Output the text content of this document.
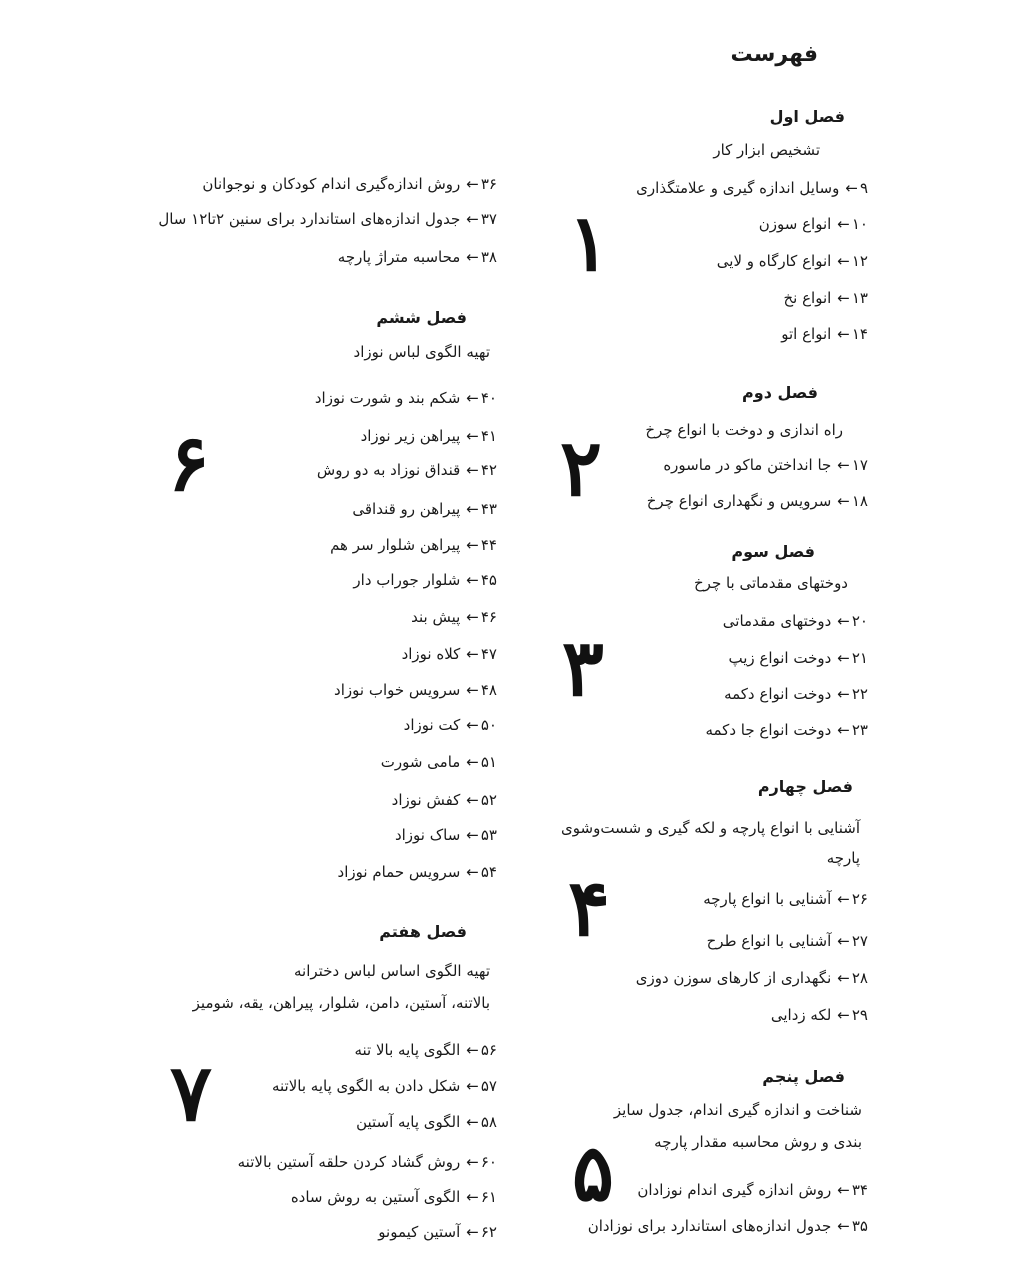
فهرست
فصل اول
تشخیص ابزار کار
۱
۹←وسایل اندازه گیری و علامتگذاری
۱۰←انواع سوزن
۱۲←انواع کارگاه و لایی
۱۳←انواع نخ
۱۴←انواع اتو
فصل دوم
راه اندازی و دوخت با انواع چرخ
۲	۱۷←جا انداختن ماکو در ماسوره
۱۸←سرویس و نگهداری انواع چرخ
فصل سوم
دوختهای مقدماتی با چرخ
۳
۲۰←دوختهای مقدماتی
۲۱←دوخت انواع زیپ
۲۲←دوخت انواع دکمه
۲۳←دوخت انواع جا دکمه
فصل چهارم
آشنایی با انواع پارچه و لکه گیری و شست‌وشوی
پارچه
۴	۲۶←آشنایی با انواع پارچه
۲۷←آشنایی با انواع طرح
۲۸←نگهداری از کارهای سوزن دوزی
۲۹←لکه زدایی
فصل پنجم
شناخت و اندازه گیری اندام، جدول سایز
بندی و روش محاسبه مقدار پارچه
۵	۳۴←روش اندازه گیری اندام نوزادان
۳۵←جدول اندازه‌های استاندارد برای نوزادان
۳۶←روش اندازه‌گیری اندام کودکان و نوجوانان
۳۷←جدول اندازه‌های استاندارد برای سنین ۲تا۱۲ سال
۳۸←محاسبه متراژ پارچه
فصل ششم
تهیه الگوی لباس نوزاد
۶
۴۰←شکم بند و شورت نوزاد
۴۱←پیراهن زیر نوزاد
۴۲←قنداق نوزاد به دو روش
۴۳←پیراهن رو قنداقی
۴۴←پیراهن شلوار سر هم
۴۵←شلوار جوراب دار
۴۶←پیش بند
۴۷←کلاه نوزاد
۴۸←سرویس خواب نوزاد
۵۰←کت نوزاد
۵۱←مامی شورت
۵۲←کفش نوزاد
۵۳←ساک نوزاد
۵۴←سرویس حمام نوزاد
فصل هفتم
تهیه الگوی اساس لباس دخترانه
بالاتنه، آستین، دامن، شلوار، پیراهن، یقه، شومیز
۷	۵۶←الگوی پایه بالا تنه
۵۷←شکل دادن به الگوی پایه بالاتنه
۵۸←الگوی پایه آستین
۶۰←روش گشاد کردن حلقه آستین بالاتنه
۶۱←الگوی آستین به روش ساده
۶۲←آستین کیمونو
